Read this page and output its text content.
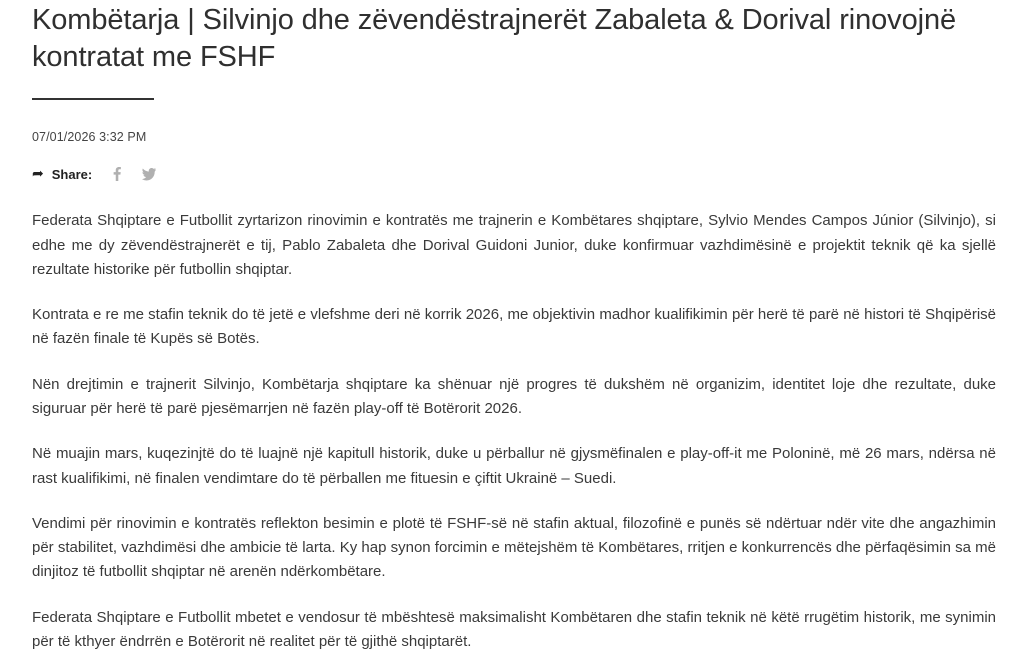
Kombëtarja | Silvinjo dhe zëvendëstrajnerët Zabaleta & Dorival rinovojnë kontratat me FSHF
07/01/2026 3:32 PM
➦ Share:

Federata Shqiptare e Futbollit zyrtarizon rinovimin e kontratës me trajnerin e Kombëtares shqiptare, Sylvio Mendes Campos Júnior (Silvinjo), si edhe me dy zëvendëstrajnerët e tij, Pablo Zabaleta dhe Dorival Guidoni Junior, duke konfirmuar vazhdimësinë e projektit teknik që ka sjellë rezultate historike për futbollin shqiptar.

Kontrata e re me stafin teknik do të jetë e vlefshme deri në korrik 2026, me objektivin madhor kualifikimin për herë të parë në histori të Shqipërisë në fazën finale të Kupës së Botës.

Nën drejtimin e trajnerit Silvinjo, Kombëtarja shqiptare ka shënuar një progres të dukshëm në organizim, identitet loje dhe rezultate, duke siguruar për herë të parë pjesëmarrjen në fazën play-off të Botërorit 2026.

Në muajin mars, kuqezinjtë do të luajnë një kapitull historik, duke u përballur në gjysmëfinalen e play-off-it me Poloninë, më 26 mars, ndërsa në rast kualifikimi, në finalen vendimtare do të përballen me fituesin e çiftit Ukrainë – Suedi.

Vendimi për rinovimin e kontratës reflekton besimin e plotë të FSHF-së në stafin aktual, filozofinë e punës së ndërtuar ndër vite dhe angazhimin për stabilitet, vazhdimësi dhe ambicie të larta. Ky hap synon forcimin e mëtejshëm të Kombëtares, rritjen e konkurrencës dhe përfaqësimin sa më dinjitoz të futbollit shqiptar në arenën ndërkombëtare.

Federata Shqiptare e Futbollit mbetet e vendosur të mbështesë maksimalisht Kombëtaren dhe stafin teknik në këtë rrugëtim historik, me synimin për të kthyer ëndrrën e Botërorit në realitet për të gjithë shqiptarët.
